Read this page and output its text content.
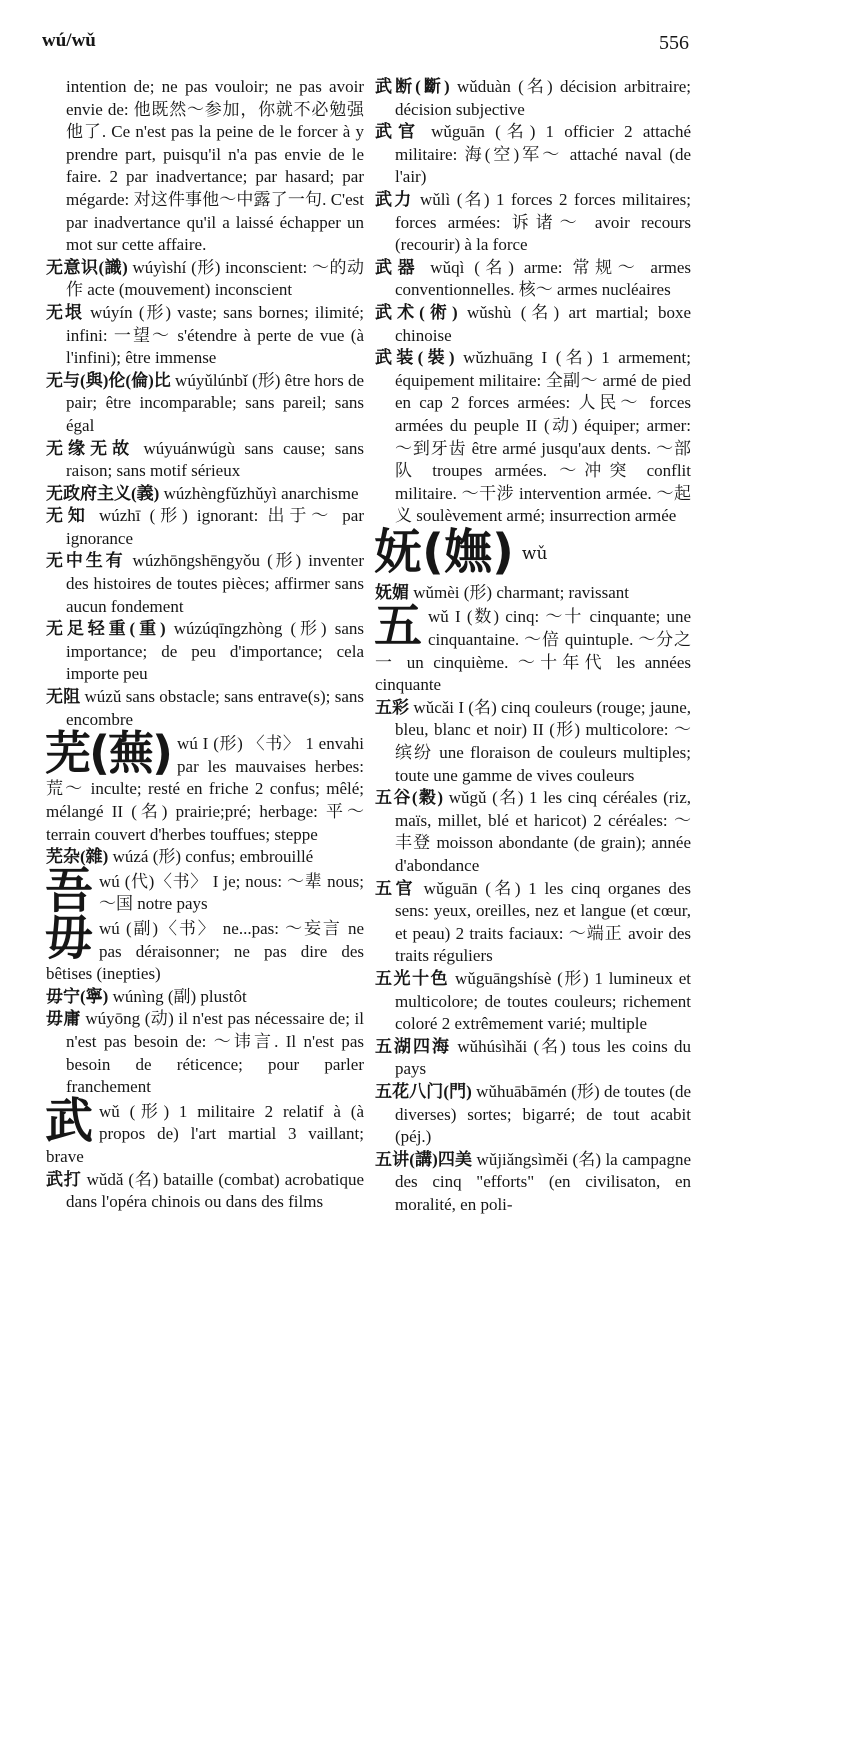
wú/wǔ	556

intention de; ne pas vouloir; ne pas avoir envie de: 他既然～参加，你就不必勉强他了. Ce n'est pas la peine de le forcer à y prendre part, puisqu'il n'a pas envie de le faire. 2 par inadvertance; par hasard; par mégarde: 对这件事他～中露了一句. C'est par inadvertance qu'il a laissé échapper un mot sur cette affaire.

无意识(識) wúyìshí (形) inconscient: ～的动作 acte (mouvement) inconscient

无垠 wúyín (形) vaste; sans bornes; ilimité; infini: 一望～ s'étendre à perte de vue (à l'infini); être immense

无与(與)伦(倫)比 wúyǔlúnbǐ (形) être hors de pair; être incomparable; sans pareil; sans égal

无缘无故 wúyuánwúgù sans cause; sans raison; sans motif sérieux

无政府主义(義) wúzhèngfǔzhǔyì anarchisme

无知 wúzhī (形) ignorant: 出于～ par ignorance

无中生有 wúzhōngshēngyǒu (形) inventer des histoires de toutes pièces; affirmer sans aucun fondement

无足轻重(重) wúzúqīngzhòng (形) sans importance; de peu d'importance; cela importe peu

无阻 wúzǔ sans obstacle; sans entrave(s); sans encombre

芜(蕪) wú I (形) 〈书〉 1 envahi par les mauvaises herbes: 荒～ inculte; resté en friche 2 confus; mêlé; mélangé II (名) prairie;pré; herbage: 平～ terrain couvert d'herbes touffues; steppe

芜杂(雜) wúzá (形) confus; embrouillé

吾 wú (代)〈书〉 I je; nous: ～辈 nous; ～国 notre pays
毋 wú (副)〈书〉 ne...pas: ～妄言 ne pas déraisonner; ne pas dire des bêtises (inepties)

毋宁(寧) wúnìng (副) plustôt

毋庸 wúyōng (动) il n'est pas nécessaire de; il n'est pas besoin de: ～讳言. Il n'est pas besoin de réticence; pour parler franchement

武 wǔ (形) 1 militaire 2 relatif à (à propos de) l'art martial 3 vaillant; brave

武打 wǔdǎ (名) bataille (combat) acrobatique dans l'opéra chinois ou dans des films

武断(斷) wǔduàn (名) décision arbitraire; décision subjective

武官 wǔguān (名) 1 officier 2 attaché militaire: 海(空)军～ attaché naval (de l'air)

武力 wǔlì (名) 1 forces 2 forces militaires; forces armées: 诉诸～ avoir recours (recourir) à la force

武器 wǔqì (名) arme: 常规～ armes conventionnelles. 核～ armes nucléaires

武术(術) wǔshù (名) art martial; boxe chinoise

武装(裝) wǔzhuāng I (名) 1 armement; équipement militaire: 全副～ armé de pied en cap 2 forces armées: 人民～ forces armées du peuple II (动) équiper; armer: ～到牙齿 être armé jusqu'aux dents. ～部队 troupes armées. ～冲突 conflit militaire. ～干涉 intervention armée. ～起义 soulèvement armé; insurrection armée

妩(嫵) wǔ

妩媚 wǔmèi (形) charmant; ravissant

五 wǔ I (数) cinq: ～十 cinquante; une cinquantaine. ～倍 quintuple. ～分之一 un cinquième. ～十年代 les années cinquante

五彩 wǔcǎi I (名) cinq couleurs (rouge; jaune, bleu, blanc et noir) II (形) multicolore: ～缤纷 une floraison de couleurs multiples; toute une gamme de vives couleurs

五谷(穀) wǔgǔ (名) 1 les cinq céréales (riz, maïs, millet, blé et haricot) 2 céréales: ～丰登 moisson abondante (de grain); année d'abondance

五官 wǔguān (名) 1 les cinq organes des sens: yeux, oreilles, nez et langue (et cœur, et peau) 2 traits faciaux: ～端正 avoir des traits réguliers

五光十色 wǔguāngshísè (形) 1 lumineux et multicolore; de toutes couleurs; richement coloré 2 extrêmement varié; multiple

五湖四海 wǔhúsìhǎi (名) tous les coins du pays

五花八门(門) wǔhuābāmén (形) de toutes (de diverses) sortes; bigarré; de tout acabit (péj.)

五讲(講)四美 wǔjiǎngsìměi (名) la campagne des cinq "efforts" (en civilisaton, en moralité, en poli-
